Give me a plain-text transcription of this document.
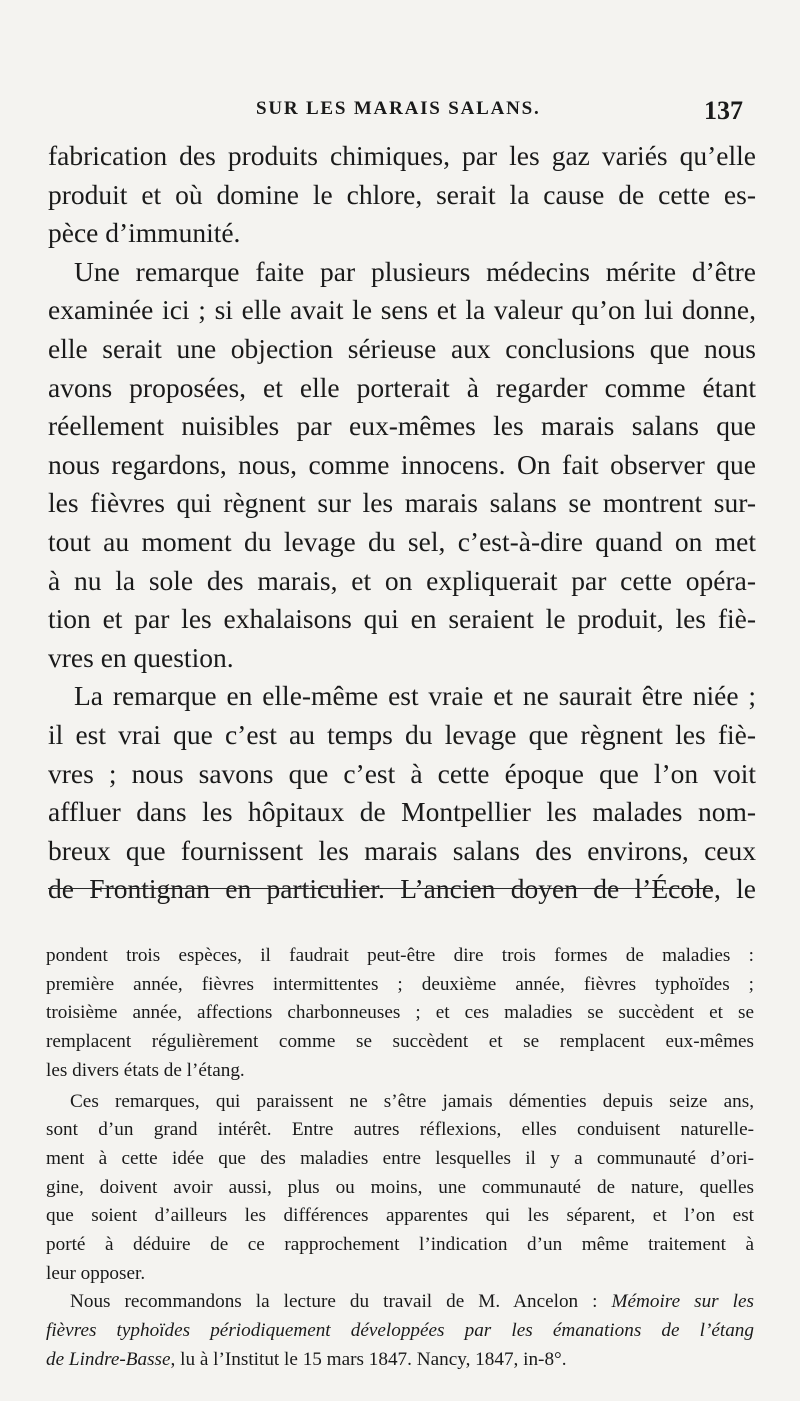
SUR LES MARAIS SALANS.	137

fabrication des produits chimiques, par les gaz variés qu’elle
produit et où domine le chlore, serait la cause de cette es-
pèce d’immunité.

Une remarque faite par plusieurs médecins mérite d’être
examinée ici ; si elle avait le sens et la valeur qu’on lui donne,
elle serait une objection sérieuse aux conclusions que nous
avons proposées, et elle porterait à regarder comme étant
réellement nuisibles par eux-mêmes les marais salans que
nous regardons, nous, comme innocens. On fait observer que
les fièvres qui règnent sur les marais salans se montrent sur-
tout au moment du levage du sel, c’est-à-dire quand on met
à nu la sole des marais, et on expliquerait par cette opéra-
tion et par les exhalaisons qui en seraient le produit, les fiè-
vres en question.

La remarque en elle-même est vraie et ne saurait être niée ;
il est vrai que c’est au temps du levage que règnent les fiè-
vres ; nous savons que c’est à cette époque que l’on voit
affluer dans les hôpitaux de Montpellier les malades nom-
breux que fournissent les marais salans des environs, ceux
de Frontignan en particulier. L’ancien doyen de l’École, le

pondent trois espèces, il faudrait peut-être dire trois formes de maladies :
première année, fièvres intermittentes ; deuxième année, fièvres typhoïdes ;
troisième année, affections charbonneuses ; et ces maladies se succèdent et se
remplacent régulièrement comme se succèdent et se remplacent eux-mêmes
les divers états de l’étang.

Ces remarques, qui paraissent ne s’être jamais démenties depuis seize ans,
sont d’un grand intérêt. Entre autres réflexions, elles conduisent naturelle-
ment à cette idée que des maladies entre lesquelles il y a communauté d’ori-
gine, doivent avoir aussi, plus ou moins, une communauté de nature, quelles
que soient d’ailleurs les différences apparentes qui les séparent, et l’on est
porté à déduire de ce rapprochement l’indication d’un même traitement à
leur opposer.

Nous recommandons la lecture du travail de M. Ancelon : Mémoire sur les
fièvres typhoïdes périodiquement développées par les émanations de l’étang
de Lindre-Basse, lu à l’Institut le 15 mars 1847. Nancy, 1847, in-8°.
